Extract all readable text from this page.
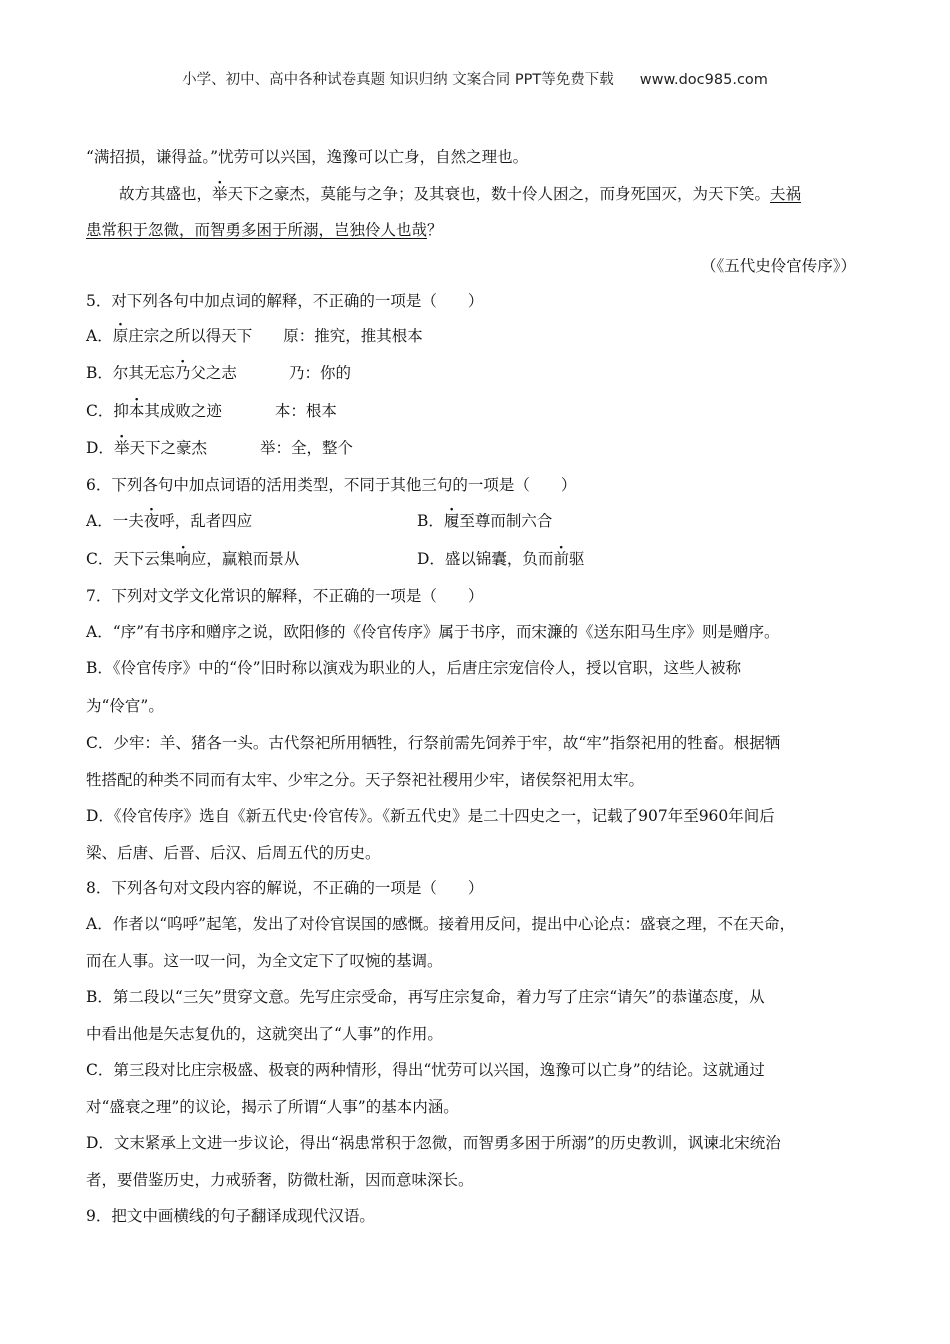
小学、初中、高中各种试卷真题 知识归纳 文案合同 PPT等免费下载 www.doc985.com
“满招损，谦得益。”忧劳可以兴国，逸豫可以亡身，自然之理也。
故方其盛也，举天下之豪杰，莫能与之争；及其衰也，数十伶人困之，而身死国灭，为天下笑。夫祸
患常积于忽微，而智勇多困于所溺，岂独伶人也哉？
（《五代史伶官传序》）
5．对下列各句中加点词的解释，不正确的一项是（　　）
A．原庄宗之所以得天下 原：推究，推其根本
B．尔其无忘乃父之志	乃：你的
C．抑本其成败之迹	本：根本
D．举天下之豪杰	举：全，整个
6．下列各句中加点词语的活用类型，不同于其他三句的一项是（　　）
A．一夫夜呼，乱者四应	B．履至尊而制六合
C．天下云集响应，赢粮而景从	D．盛以锦囊，负而前驱
7．下列对文学文化常识的解释，不正确的一项是（　　）
A．“序”有书序和赠序之说，欧阳修的《伶官传序》属于书序，而宋濂的《送东阳马生序》则是赠序。
B．《伶官传序》中的“伶”旧时称以演戏为职业的人，后唐庄宗宠信伶人，授以官职，这些人被称
为“伶官”。
C．少牢：羊、猪各一头。古代祭祀所用牺牲，行祭前需先饲养于牢，故“牢”指祭祀用的牲畜。根据牺
牲搭配的种类不同而有太牢、少牢之分。天子祭祀社稷用少牢，诸侯祭祀用太牢。
D．《伶官传序》选自《新五代史·伶官传》。《新五代史》是二十四史之一，记载了907年至960年间后
梁、后唐、后晋、后汉、后周五代的历史。
8．下列各句对文段内容的解说，不正确的一项是（　　）
A．作者以“呜呼”起笔，发出了对伶官误国的感慨。接着用反问，提出中心论点：盛衰之理，不在天命，
而在人事。这一叹一问，为全文定下了叹惋的基调。
B．第二段以“三矢”贯穿文意。先写庄宗受命，再写庄宗复命，着力写了庄宗“请矢”的恭谨态度，从
中看出他是矢志复仇的，这就突出了“人事”的作用。
C．第三段对比庄宗极盛、极衰的两种情形，得出“忧劳可以兴国，逸豫可以亡身”的结论。这就通过
对“盛衰之理”的议论，揭示了所谓“人事”的基本内涵。
D．文末紧承上文进一步议论，得出“祸患常积于忽微，而智勇多困于所溺”的历史教训，讽谏北宋统治
者，要借鉴历史，力戒骄奢，防微杜渐，因而意味深长。
9．把文中画横线的句子翻译成现代汉语。
